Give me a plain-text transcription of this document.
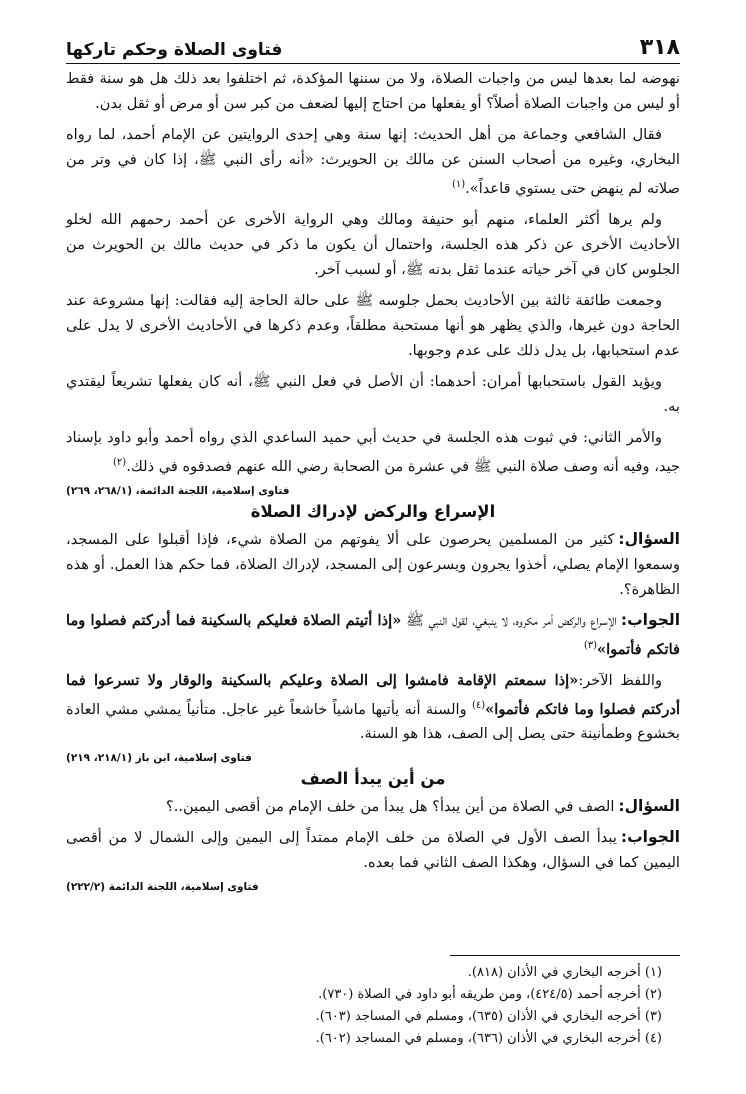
٣١٨
فتاوى الصلاة وحكم تاركها

نهوضه لما بعدها ليس من واجبات الصلاة، ولا من سننها المؤكدة، ثم اختلفوا بعد ذلك هل هو سنة فقط أو ليس من واجبات الصلاة أصلاً؟ أو يفعلها من احتاج إليها لضعف من كبر سن أو مرض أو ثقل بدن.

فقال الشافعي وجماعة من أهل الحديث: إنها سنة وهي إحدى الروايتين عن الإمام أحمد، لما رواه البخاري، وغيره من أصحاب السنن عن مالك بن الحويرث: «أنه رأى النبي ﷺ، إذا كان في وتر من صلاته لم ينهض حتى يستوي قاعداً».$^{(١)}$

ولم يرها أكثر العلماء، منهم أبو حنيفة ومالك وهي الرواية الأخرى عن أحمد رحمهم الله لخلو الأحاديث الأخرى عن ذكر هذه الجلسة، واحتمال أن يكون ما ذكر في حديث مالك بن الحويرث من الجلوس كان في آخر حياته عندما ثقل بدنه ﷺ، أو لسبب آخر.

وجمعت طائفة ثالثة بين الأحاديث بحمل جلوسه ﷺ على حالة الحاجة إليه فقالت: إنها مشروعة عند الحاجة دون غيرها، والذي يظهر هو أنها مستحبة مطلقاً، وعدم ذكرها في الأحاديث الأخرى لا يدل على عدم استحبابها، بل يدل ذلك على عدم وجوبها.

ويؤيد القول باستحبابها أمران: أحدهما: أن الأصل في فعل النبي ﷺ، أنه كان يفعلها تشريعاً ليقتدي به.

والأمر الثاني: في ثبوت هذه الجلسة في حديث أبي حميد الساعدي الذي رواه أحمد وأبو داود بإسناد جيد، وفيه أنه وصف صلاة النبي ﷺ في عشرة من الصحابة رضي الله عنهم فصدقوه في ذلك.$^{(٢)}$

فتاوى إسلامية، اللجنة الدائمة، (٢٦٨/١، ٢٦٩)
الإسراع والركض لإدراك الصلاة

السؤال:كثير من المسلمين يحرصون على ألا يفوتهم من الصلاة شيء، فإذا أقبلوا على المسجد، وسمعوا الإمام يصلي، أخذوا يجرون ويسرعون إلى المسجد، لإدراك الصلاة، فما حكم هذا العمل. أو هذه الظاهرة؟.

الجواب:الإسراع والركض أمر مكروه، لا ينبغي، لقول النبي ﷺ «إذا أتيتم الصلاة فعليكم بالسكينة فما أدركتم فصلوا وما فاتكم فأتموا»$^{(٣)}$

واللفظ الآخر:«إذا سمعتم الإقامة فامشوا إلى الصلاة وعليكم بالسكينة والوقار ولا تسرعوا فما أدركتم فصلوا وما فاتكم فأتموا»$^{(٤)}$ والسنة أنه يأتيها ماشياً خاشعاً غير عاجل. متأنياً يمشي مشي العادة بخشوع وطمأنينة حتى يصل إلى الصف، هذا هو السنة.

فتاوى إسلامية، ابن باز (٢١٨/١، ٢١٩)
من أين يبدأ الصف

السؤال:الصف في الصلاة من أين يبدأ؟ هل يبدأ من خلف الإمام من أقصى اليمين..؟

الجواب:يبدأ الصف الأول في الصلاة من خلف الإمام ممتداً إلى اليمين وإلى الشمال لا من أقصى اليمين كما في السؤال، وهكذا الصف الثاني فما بعده.

فتاوى إسلامية، اللجنة الدائمة (٢٢٢/٢)

(١) أخرجه البخاري في الأذان (٨١٨).

(٢) أخرجه أحمد (٤٢٤/٥)، ومن طريقه أبو داود في الصلاة (٧٣٠).

(٣) أخرجه البخاري في الأذان (٦٣٥)، ومسلم في المساجد (٦٠٣).

(٤) أخرجه البخاري في الأذان (٦٣٦)، ومسلم في المساجد (٦٠٢).
